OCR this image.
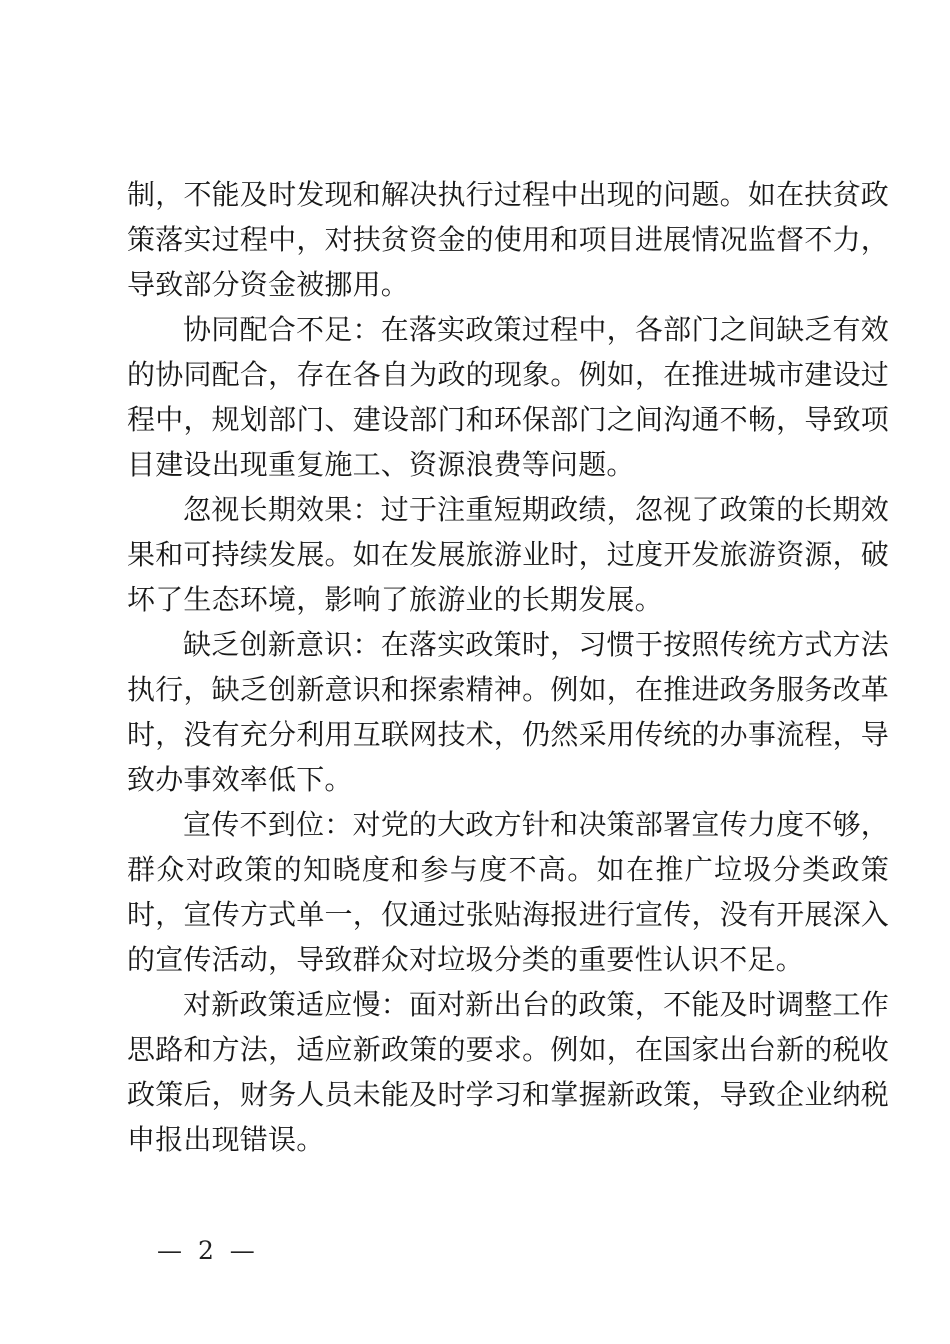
制，不能及时发现和解决执行过程中出现的问题。如在扶贫政策落实过程中，对扶贫资金的使用和项目进展情况监督不力，导致部分资金被挪用。

协同配合不足：在落实政策过程中，各部门之间缺乏有效的协同配合，存在各自为政的现象。例如，在推进城市建设过程中，规划部门、建设部门和环保部门之间沟通不畅，导致项目建设出现重复施工、资源浪费等问题。

忽视长期效果：过于注重短期政绩，忽视了政策的长期效果和可持续发展。如在发展旅游业时，过度开发旅游资源，破坏了生态环境，影响了旅游业的长期发展。

缺乏创新意识：在落实政策时，习惯于按照传统方式方法执行，缺乏创新意识和探索精神。例如，在推进政务服务改革时，没有充分利用互联网技术，仍然采用传统的办事流程，导致办事效率低下。

宣传不到位：对党的大政方针和决策部署宣传力度不够，群众对政策的知晓度和参与度不高。如在推广垃圾分类政策时，宣传方式单一，仅通过张贴海报进行宣传，没有开展深入的宣传活动，导致群众对垃圾分类的重要性认识不足。

对新政策适应慢：面对新出台的政策，不能及时调整工作思路和方法，适应新政策的要求。例如，在国家出台新的税收政策后，财务人员未能及时学习和掌握新政策，导致企业纳税申报出现错误。

— 2 —
